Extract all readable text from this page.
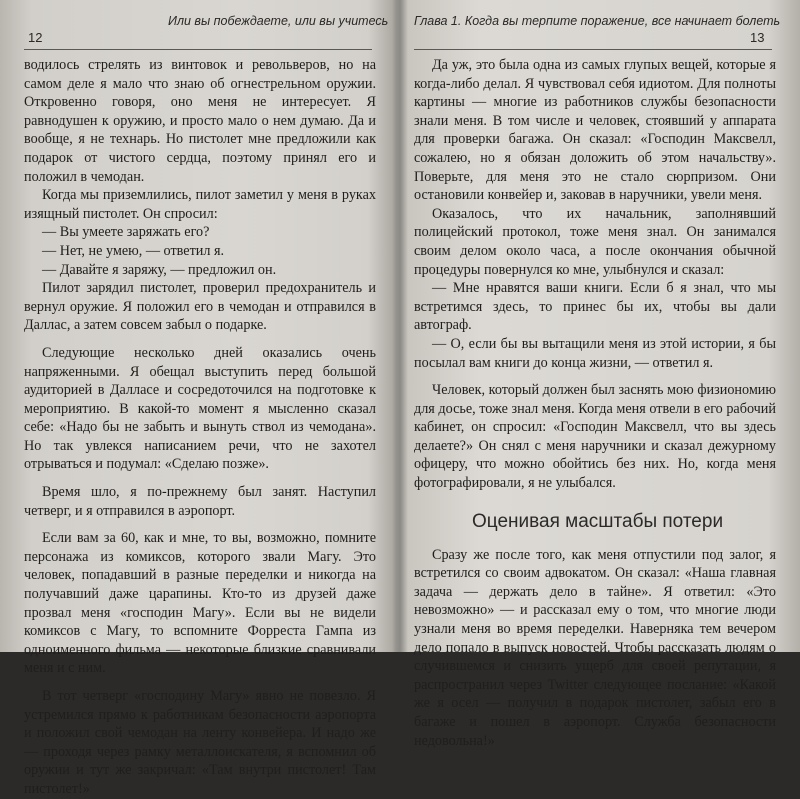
Или вы побеждаете, или вы учитесь
12

водилось стрелять из винтовок и револьверов, но на самом деле я мало что знаю об огнестрельном оружии. Откровенно говоря, оно меня не интересует. Я равнодушен к оружию, и просто мало о нем думаю. Да и вообще, я не технарь. Но пистолет мне предложили как подарок от чистого сердца, поэтому принял его и положил в чемодан.

Когда мы приземлились, пилот заметил у меня в руках изящный пистолет. Он спросил:

— Вы умеете заряжать его?

— Нет, не умею, — ответил я.

— Давайте я заряжу, — предложил он.

Пилот зарядил пистолет, проверил предохранитель и вернул оружие. Я положил его в чемодан и отправился в Даллас, а затем совсем забыл о подарке.

Следующие несколько дней оказались очень напряженными. Я обещал выступить перед большой аудиторией в Далласе и сосредоточился на подготовке к мероприятию. В какой-то момент я мысленно сказал себе: «Надо бы не забыть и вынуть ствол из чемодана». Но так увлекся написанием речи, что не захотел отрываться и подумал: «Сделаю позже».

Время шло, я по-прежнему был занят. Наступил четверг, и я отправился в аэропорт.

Если вам за 60, как и мне, то вы, возможно, помните персонажа из комиксов, которого звали Магу. Это человек, попадавший в разные переделки и никогда на получавший даже царапины. Кто-то из друзей даже прозвал меня «господин Магу». Если вы не видели комиксов с Магу, то вспомните Форреста Гампа из одноименного фильма — некоторые близкие сравнивали меня и с ним.

В тот четверг «господину Магу» явно не повезло. Я устремился прямо к работникам безопасности аэропорта и положил свой чемодан на ленту конвейера. И надо же — проходя через рамку металлоискателя, я вспомнил об оружии и тут же закричал: «Там внутри пистолет! Там пистолет!»

Глава 1. Когда вы терпите поражение, все начинает болеть
13

Да уж, это была одна из самых глупых вещей, которые я когда-либо делал. Я чувствовал себя идиотом. Для полноты картины — многие из работников службы безопасности знали меня. В том числе и человек, стоявший у аппарата для проверки багажа. Он сказал: «Господин Максвелл, сожалею, но я обязан доложить об этом начальству». Поверьте, для меня это не стало сюрпризом. Они остановили конвейер и, заковав в наручники, увели меня.

Оказалось, что их начальник, заполнявший полицейский протокол, тоже меня знал. Он занимался своим делом около часа, а после окончания обычной процедуры повернулся ко мне, улыбнулся и сказал:

— Мне нравятся ваши книги. Если б я знал, что мы встретимся здесь, то принес бы их, чтобы вы дали автограф.

— О, если бы вы вытащили меня из этой истории, я бы посылал вам книги до конца жизни, — ответил я.

Человек, который должен был заснять мою физиономию для досье, тоже знал меня. Когда меня отвели в его рабочий кабинет, он спросил: «Господин Максвелл, что вы здесь делаете?» Он снял с меня наручники и сказал дежурному офицеру, что можно обойтись без них. Но, когда меня фотографировали, я не улыбался.

Оценивая масштабы потери

Сразу же после того, как меня отпустили под залог, я встретился со своим адвокатом. Он сказал: «Наша главная задача — держать дело в тайне». Я ответил: «Это невозможно» — и рассказал ему о том, что многие люди узнали меня во время переделки. Наверняка тем вечером дело попало в выпуск новостей. Чтобы рассказать людям о случившемся и снизить ущерб для своей репутации, я распространил через Twitter следующее послание: «Какой же я осел — получил в подарок пистолет, забыл его в багаже и пошел в аэропорт. Служба безопасности недовольна!»
